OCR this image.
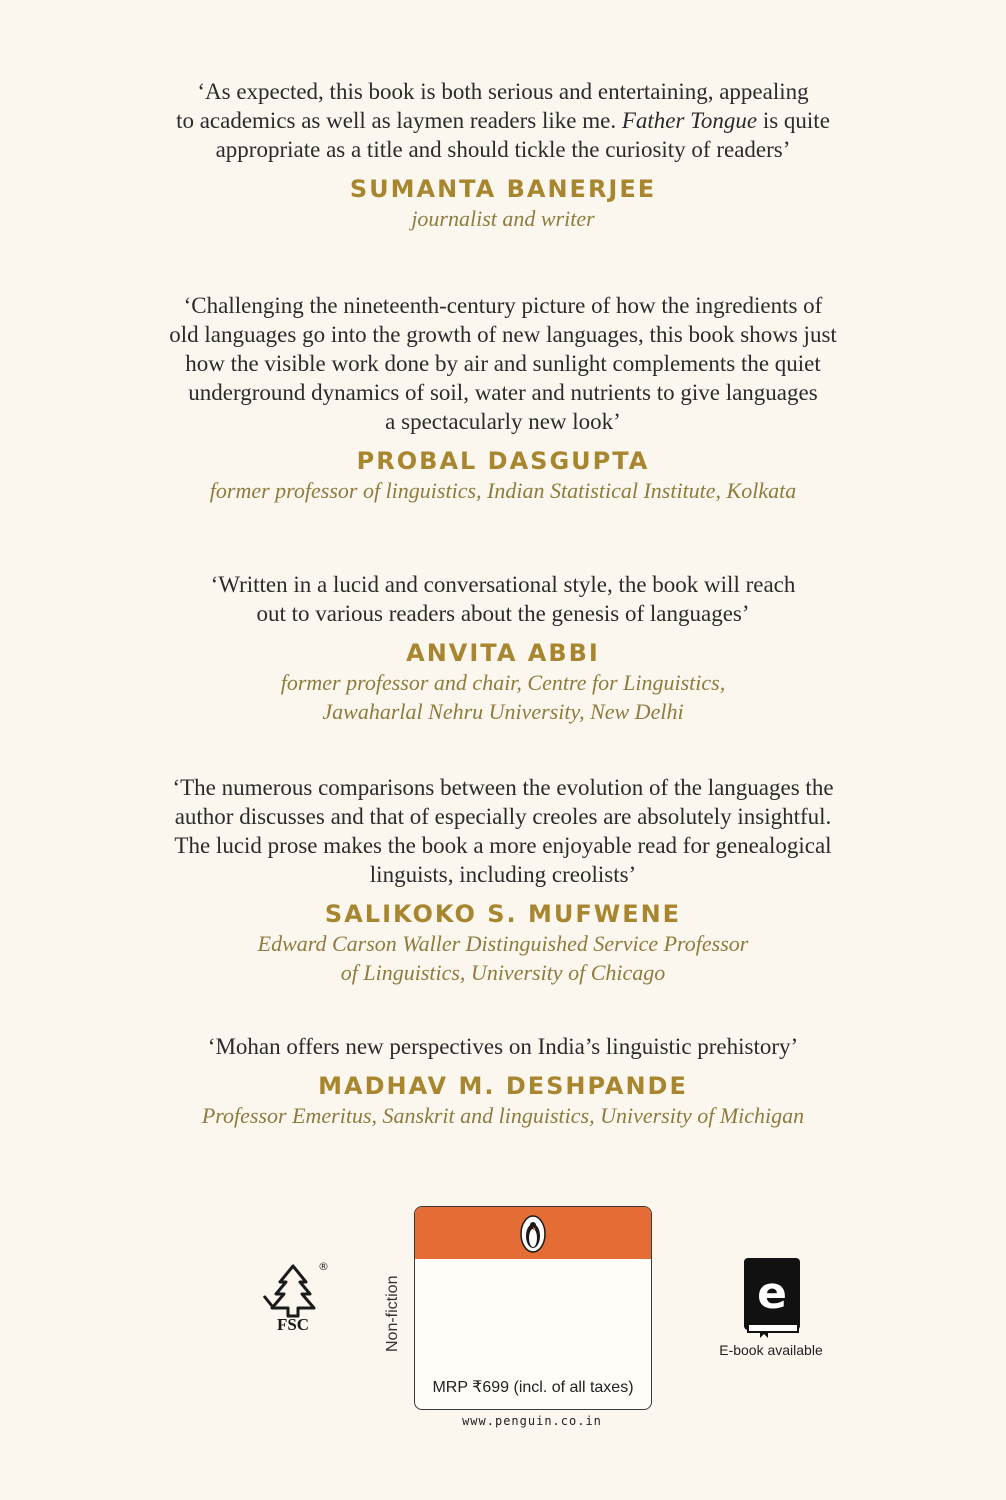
‘As expected, this book is both serious and entertaining, appealing
to academics as well as laymen readers like me. Father Tongue is quite
appropriate as a title and should tickle the curiosity of readers’
SUMANTA BANERJEE
journalist and writer
‘Challenging the nineteenth-century picture of how the ingredients of
old languages go into the growth of new languages, this book shows just
how the visible work done by air and sunlight complements the quiet
underground dynamics of soil, water and nutrients to give languages
a spectacularly new look’
PROBAL DASGUPTA
former professor of linguistics, Indian Statistical Institute, Kolkata
‘Written in a lucid and conversational style, the book will reach
out to various readers about the genesis of languages’
ANVITA ABBI
former professor and chair, Centre for Linguistics,
Jawaharlal Nehru University, New Delhi
‘The numerous comparisons between the evolution of the languages the
author discusses and that of especially creoles are absolutely insightful.
The lucid prose makes the book a more enjoyable read for genealogical
linguists, including creolists’
SALIKOKO S. MUFWENE
Edward Carson Waller Distinguished Service Professor
of Linguistics, University of Chicago
‘Mohan offers new perspectives on India’s linguistic prehistory’
MADHAV M. DESHPANDE
Professor Emeritus, Sanskrit and linguistics, University of Michigan
®
FSC	Non-fiction
MRP ₹699 (incl. of all taxes)
www.penguin.co.in
e
E-book available
